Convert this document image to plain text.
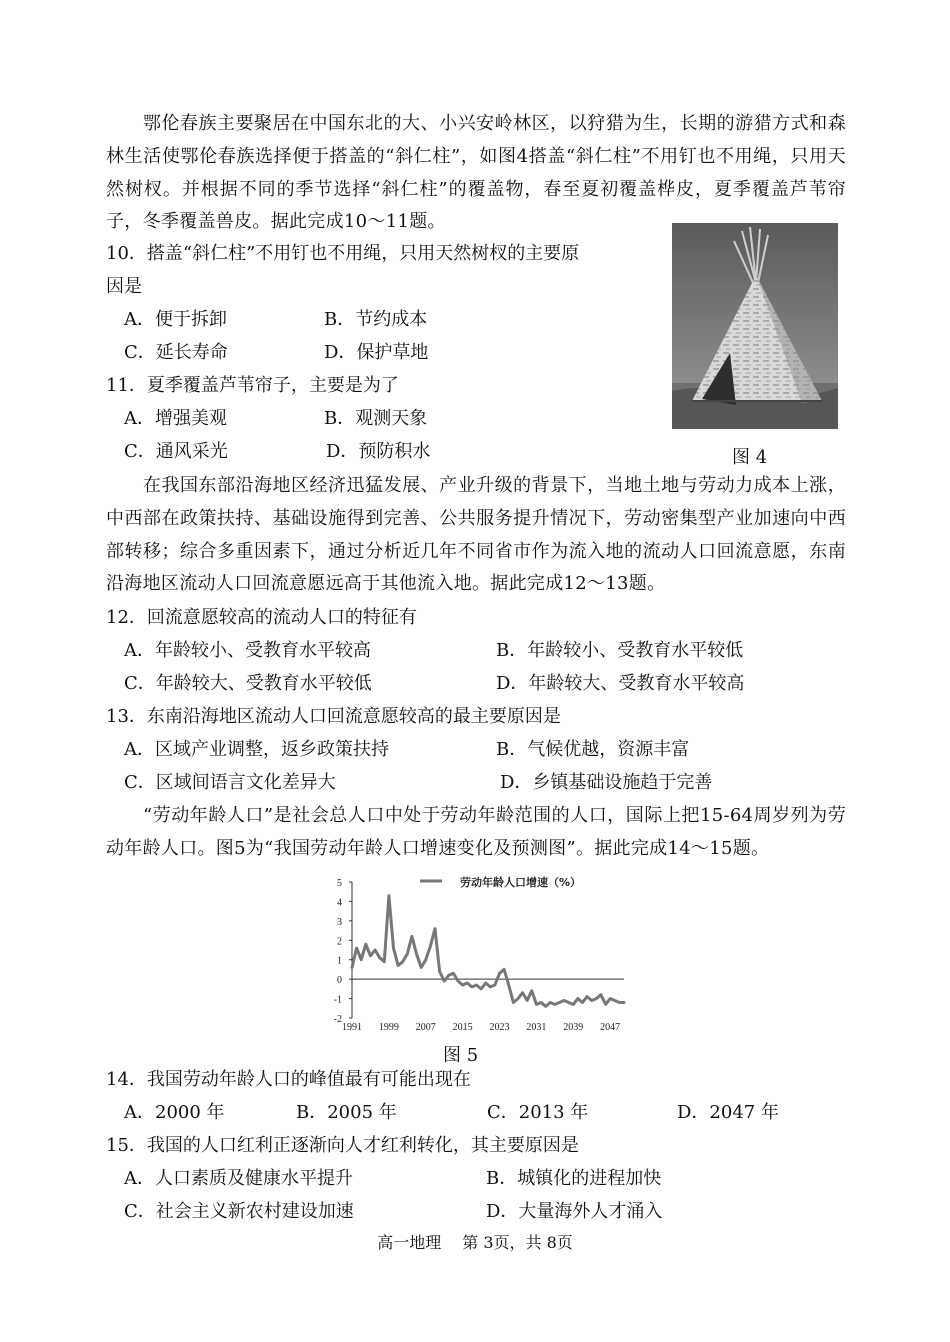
鄂伦春族主要聚居在中国东北的大、小兴安岭林区，以狩猎为生，长期的游猎方式和森林生活使鄂伦春族选择便于搭盖的“斜仁柱”，如图4搭盖“斜仁柱”不用钉也不用绳，只用天然树杈。并根据不同的季节选择“斜仁柱”的覆盖物，春至夏初覆盖桦皮，夏季覆盖芦苇帘子，冬季覆盖兽皮。据此完成10～11题。
10．搭盖“斜仁柱”不用钉也不用绳，只用天然树杈的主要原
因是
A．便于拆卸	B．节约成本
C．延长寿命	D．保护草地
11．夏季覆盖芦苇帘子，主要是为了
A．增强美观	B．观测天象
C．通风采光	D．预防积水	图 4
在我国东部沿海地区经济迅猛发展、产业升级的背景下，当地土地与劳动力成本上涨，中西部在政策扶持、基础设施得到完善、公共服务提升情况下，劳动密集型产业加速向中西部转移；综合多重因素下，通过分析近几年不同省市作为流入地的流动人口回流意愿，东南沿海地区流动人口回流意愿远高于其他流入地。据此完成12～13题。
12．回流意愿较高的流动人口的特征有
A．年龄较小、受教育水平较高	B．年龄较小、受教育水平较低
C．年龄较大、受教育水平较低	D．年龄较大、受教育水平较高
13．东南沿海地区流动人口回流意愿较高的最主要原因是
A．区域产业调整，返乡政策扶持	B．气候优越，资源丰富
C．区域间语言文化差异大	D．乡镇基础设施趋于完善
“劳动年龄人口”是社会总人口中处于劳动年龄范围的人口，国际上把15-64周岁列为劳动年龄人口。图5为“我国劳动年龄人口增速变化及预测图”。据此完成14～15题。
5
4
3
2
1
0
-1
-2
1991 1999 2007 2015 2023 2031 2039 2047
劳动年龄人口增速（%）
图 5
14．我国劳动年龄人口的峰值最有可能出现在
A．2000 年	B．2005 年	C．2013 年	D．2047 年
15．我国的人口红利正逐渐向人才红利转化，其主要原因是
A．人口素质及健康水平提升	B．城镇化的进程加快
C．社会主义新农村建设加速	D．大量海外人才涌入
高一地理　 第 3页，共 8页
